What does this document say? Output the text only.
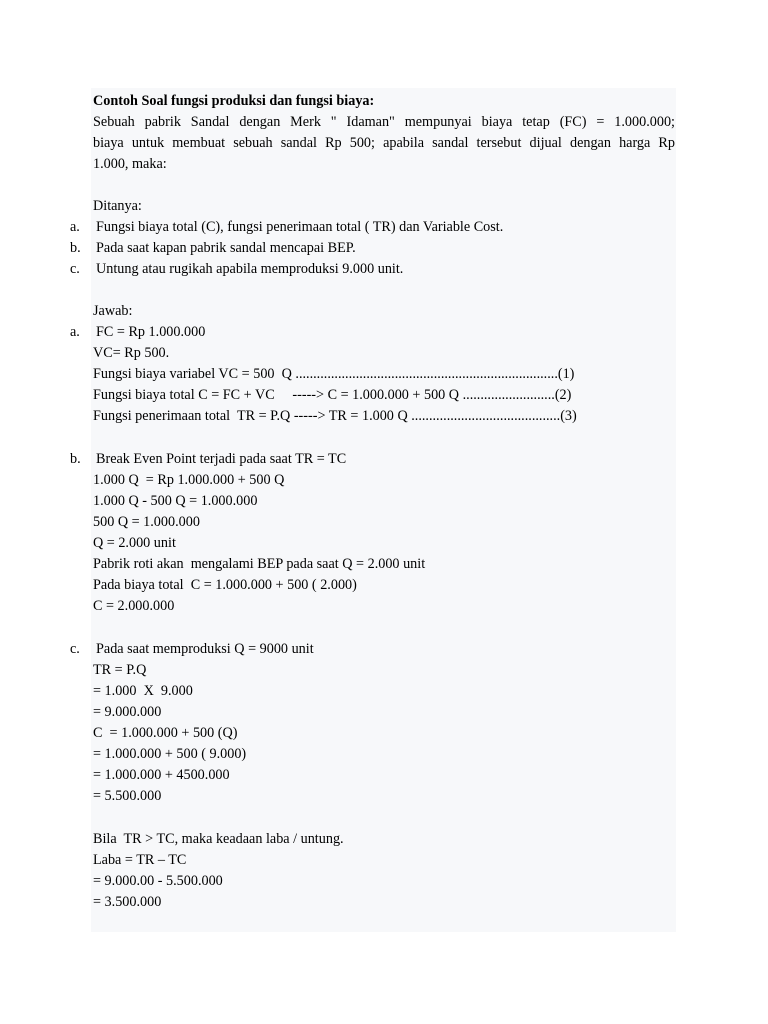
Contoh Soal fungsi produksi dan fungsi biaya:
Sebuah pabrik Sandal dengan Merk " Idaman" mempunyai biaya tetap (FC) = 1.000.000;
biaya untuk membuat sebuah sandal Rp 500; apabila sandal tersebut dijual dengan harga Rp
1.000, maka:
Ditanya:
a. Fungsi biaya total (C), fungsi penerimaan total ( TR) dan Variable Cost.
b. Pada saat kapan pabrik sandal mencapai BEP.
c. Untung atau rugikah apabila memproduksi 9.000 unit.
Jawab:
a. FC = Rp 1.000.000
VC= Rp 500.
Fungsi biaya variabel VC = 500  Q ..........................................................................(1)
Fungsi biaya total C = FC + VC     -----> C = 1.000.000 + 500 Q ..........................(2)
Fungsi penerimaan total  TR = P.Q -----> TR = 1.000 Q ..........................................(3)
b. Break Even Point terjadi pada saat TR = TC
1.000 Q  = Rp 1.000.000 + 500 Q
1.000 Q - 500 Q = 1.000.000
500 Q = 1.000.000
Q = 2.000 unit
Pabrik roti akan  mengalami BEP pada saat Q = 2.000 unit
Pada biaya total  C = 1.000.000 + 500 ( 2.000)
C = 2.000.000
c. Pada saat memproduksi Q = 9000 unit
TR = P.Q
= 1.000  X  9.000
= 9.000.000
C  = 1.000.000 + 500 (Q)
= 1.000.000 + 500 ( 9.000)
= 1.000.000 + 4500.000
= 5.500.000
Bila  TR > TC, maka keadaan laba / untung.
Laba = TR – TC
= 9.000.00 - 5.500.000
= 3.500.000
